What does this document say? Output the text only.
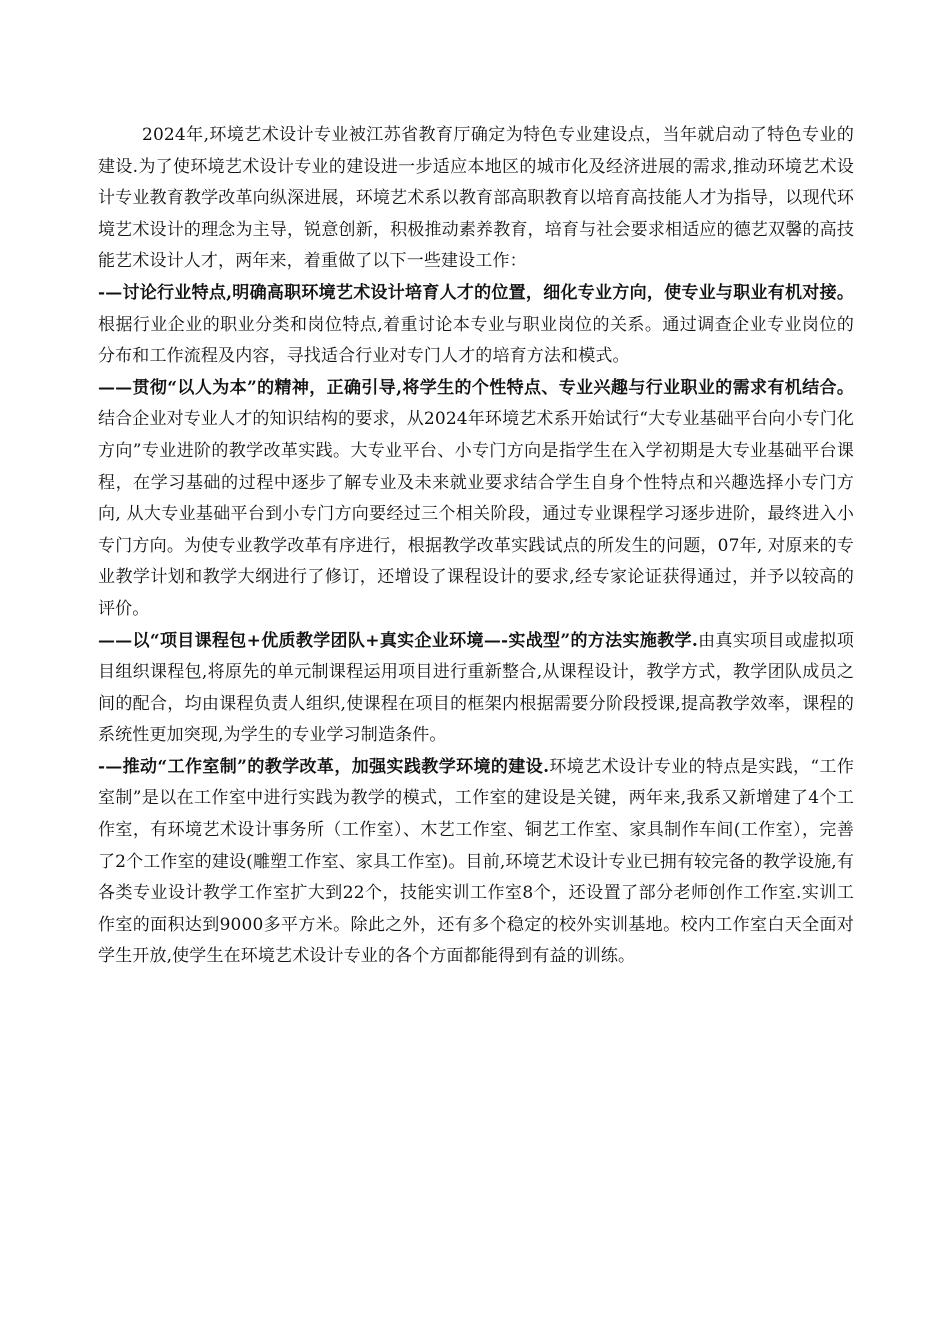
2024年,环境艺术设计专业被江苏省教育厅确定为特色专业建设点，当年就启动了特色专业的建设.为了使环境艺术设计专业的建设进一步适应本地区的城市化及经济进展的需求,推动环境艺术设计专业教育教学改革向纵深进展，环境艺术系以教育部高职教育以培育高技能人才为指导，以现代环境艺术设计的理念为主导，锐意创新，积极推动素养教育，培育与社会要求相适应的德艺双馨的高技能艺术设计人才，两年来，着重做了以下一些建设工作：

-—讨论行业特点,明确高职环境艺术设计培育人才的位置，细化专业方向，使专业与职业有机对接。根据行业企业的职业分类和岗位特点,着重讨论本专业与职业岗位的关系。通过调查企业专业岗位的分布和工作流程及内容，寻找适合行业对专门人才的培育方法和模式。

——贯彻“以人为本”的精神，正确引导,将学生的个性特点、专业兴趣与行业职业的需求有机结合。结合企业对专业人才的知识结构的要求，从2024年环境艺术系开始试行“大专业基础平台向小专门化方向”专业进阶的教学改革实践。大专业平台、小专门方向是指学生在入学初期是大专业基础平台课程，在学习基础的过程中逐步了解专业及未来就业要求结合学生自身个性特点和兴趣选择小专门方向, 从大专业基础平台到小专门方向要经过三个相关阶段，通过专业课程学习逐步进阶，最终进入小专门方向。为使专业教学改革有序进行，根据教学改革实践试点的所发生的问题，07年, 对原来的专业教学计划和教学大纲进行了修订，还增设了课程设计的要求,经专家论证获得通过，并予以较高的评价。

——以“项目课程包+优质教学团队+真实企业环境—-实战型”的方法实施教学.由真实项目或虚拟项目组织课程包,将原先的单元制课程运用项目进行重新整合,从课程设计，教学方式，教学团队成员之间的配合，均由课程负责人组织,使课程在项目的框架内根据需要分阶段授课,提高教学效率，课程的系统性更加突现,为学生的专业学习制造条件。

-—推动“工作室制”的教学改革，加强实践教学环境的建设.环境艺术设计专业的特点是实践，“工作室制”是以在工作室中进行实践为教学的模式，工作室的建设是关键，两年来,我系又新增建了4个工作室，有环境艺术设计事务所（工作室）、木艺工作室、铜艺工作室、家具制作车间(工作室），完善了2个工作室的建设(雕塑工作室、家具工作室)。目前,环境艺术设计专业已拥有较完备的教学设施,有各类专业设计教学工作室扩大到22个，技能实训工作室8个，还设置了部分老师创作工作室.实训工作室的面积达到9000多平方米。除此之外，还有多个稳定的校外实训基地。校内工作室白天全面对学生开放,使学生在环境艺术设计专业的各个方面都能得到有益的训练。
